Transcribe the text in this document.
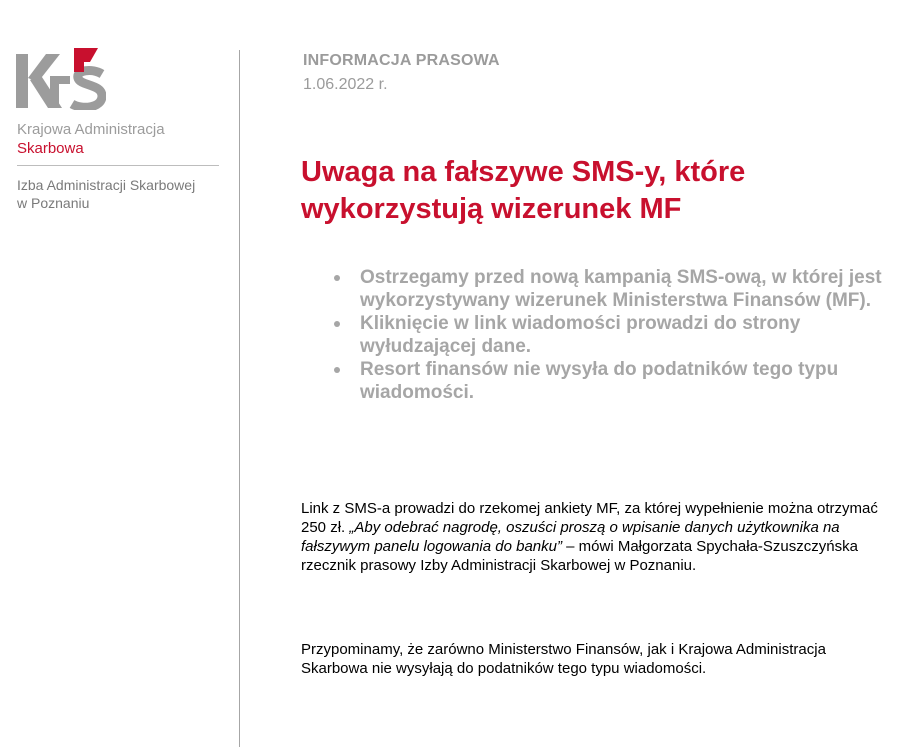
Krajowa Administracja
Skarbowa
Izba Administracji Skarbowej
w Poznaniu
INFORMACJA PRASOWA
1.06.2022 r.
Uwaga na fałszywe SMS-y, które wykorzystują wizerunek MF
Ostrzegamy przed nową kampanią SMS-ową, w której jest wykorzystywany wizerunek Ministerstwa Finansów (MF).
Kliknięcie w link wiadomości prowadzi do strony wyłudzającej dane.
Resort finansów nie wysyła do podatników tego typu wiadomości.

Link z SMS-a prowadzi do rzekomej ankiety MF, za której wypełnienie można otrzymać 250 zł. „Aby odebrać nagrodę, oszuści proszą o wpisanie danych użytkownika na fałszywym panelu logowania do banku” – mówi Małgorzata Spychała-Szuszczyńska rzecznik prasowy Izby Administracji Skarbowej w Poznaniu.

Przypominamy, że zarówno Ministerstwo Finansów, jak i Krajowa Administracja Skarbowa nie wysyłają do podatników tego typu wiadomości.
